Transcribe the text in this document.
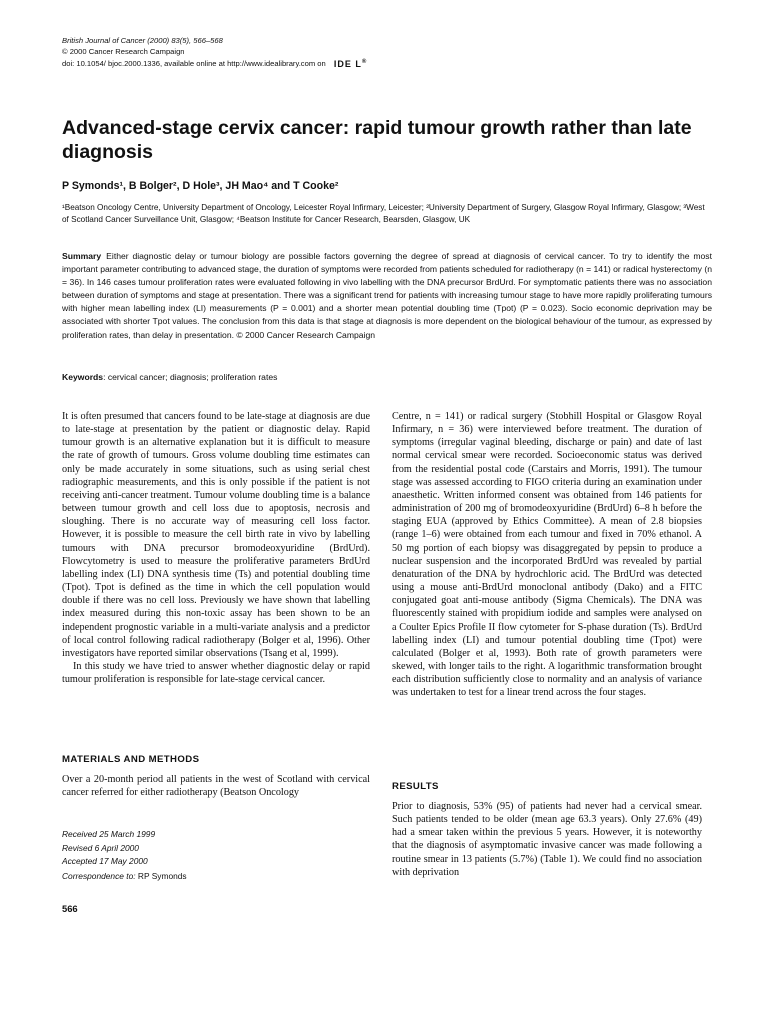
British Journal of Cancer (2000) 83(5), 566–568
© 2000 Cancer Research Campaign
doi: 10.1054/ bjoc.2000.1336, available online at http://www.idealibrary.com on IDE L®
Advanced-stage cervix cancer: rapid tumour growth rather than late diagnosis
P Symonds¹, B Bolger², D Hole³, JH Mao⁴ and T Cooke²
¹Beatson Oncology Centre, University Department of Oncology, Leicester Royal Infirmary, Leicester; ²University Department of Surgery, Glasgow Royal Infirmary, Glasgow; ³West of Scotland Cancer Surveillance Unit, Glasgow; ⁴Beatson Institute for Cancer Research, Bearsden, Glasgow, UK
Summary Either diagnostic delay or tumour biology are possible factors governing the degree of spread at diagnosis of cervical cancer. To try to identify the most important parameter contributing to advanced stage, the duration of symptoms were recorded from patients scheduled for radiotherapy (n = 141) or radical hysterectomy (n = 36). In 146 cases tumour proliferation rates were evaluated following in vivo labelling with the DNA precursor BrdUrd. For symptomatic patients there was no association between duration of symptoms and stage at presentation. There was a significant trend for patients with increasing tumour stage to have more rapidly proliferating tumours with higher mean labelling index (LI) measurements (P = 0.001) and a shorter mean potential doubling time (Tpot) (P = 0.023). Socio economic deprivation may be associated with shorter Tpot values. The conclusion from this data is that stage at diagnosis is more dependent on the biological behaviour of the tumour, as expressed by proliferation rates, than delay in presentation. © 2000 Cancer Research Campaign
Keywords: cervical cancer; diagnosis; proliferation rates

It is often presumed that cancers found to be late-stage at diagnosis are due to late-stage at presentation by the patient or diagnostic delay. Rapid tumour growth is an alternative explanation but it is difficult to measure the rate of growth of tumours. Gross volume doubling time estimates can only be made accurately in some situations, such as using serial chest radiographic measurements, and this is only possible if the patient is not receiving anti-cancer treatment. Tumour volume doubling time is a balance between tumour growth and cell loss due to apoptosis, necrosis and sloughing. There is no accurate way of measuring cell loss factor. However, it is possible to measure the cell birth rate in vivo by labelling tumours with DNA precursor bromodeoxyuridine (BrdUrd). Flowcytometry is used to measure the proliferative parameters BrdUrd labelling index (LI) DNA synthesis time (Ts) and potential doubling time (Tpot). Tpot is defined as the time in which the cell population would double if there was no cell loss. Previously we have shown that labelling index measured during this non-toxic assay has been shown to be an independent prognostic variable in a multi-variate analysis and a predictor of local control following radical radiotherapy (Bolger et al, 1996). Other investigators have reported similar observations (Tsang et al, 1999).

In this study we have tried to answer whether diagnostic delay or rapid tumour proliferation is responsible for late-stage cervical cancer.

MATERIALS AND METHODS
Over a 20-month period all patients in the west of Scotland with cervical cancer referred for either radiotherapy (Beatson Oncology
Received 25 March 1999
Revised 6 April 2000
Accepted 17 May 2000
Correspondence to: RP Symonds
566
Centre, n = 141) or radical surgery (Stobhill Hospital or Glasgow Royal Infirmary, n = 36) were interviewed before treatment. The duration of symptoms (irregular vaginal bleeding, discharge or pain) and date of last normal cervical smear were recorded. Socioeconomic status was derived from the residential postal code (Carstairs and Morris, 1991). The tumour stage was assessed according to FIGO criteria during an examination under anaesthetic. Written informed consent was obtained from 146 patients for administration of 200 mg of bromodeoxyuridine (BrdUrd) 6–8 h before the staging EUA (approved by Ethics Committee). A mean of 2.8 biopsies (range 1–6) were obtained from each tumour and fixed in 70% ethanol. A 50 mg portion of each biopsy was disaggregated by pepsin to produce a nuclear suspension and the incorporated BrdUrd was revealed by partial denaturation of the DNA by hydrochloric acid. The BrdUrd was detected using a mouse anti-BrdUrd monoclonal antibody (Dako) and a FITC conjugated goat anti-mouse antibody (Sigma Chemicals). The DNA was fluorescently stained with propidium iodide and samples were analysed on a Coulter Epics Profile II flow cytometer for S-phase duration (Ts). BrdUrd labelling index (LI) and tumour potential doubling time (Tpot) were calculated (Bolger et al, 1993). Both rate of growth parameters were skewed, with longer tails to the right. A logarithmic transformation brought each distribution sufficiently close to normality and an analysis of variance was undertaken to test for a linear trend across the four stages.
RESULTS
Prior to diagnosis, 53% (95) of patients had never had a cervical smear. Such patients tended to be older (mean age 63.3 years). Only 27.6% (49) had a smear taken within the previous 5 years. However, it is noteworthy that the diagnosis of asymptomatic invasive cancer was made following a routine smear in 13 patients (5.7%) (Table 1). We could find no association with deprivation
